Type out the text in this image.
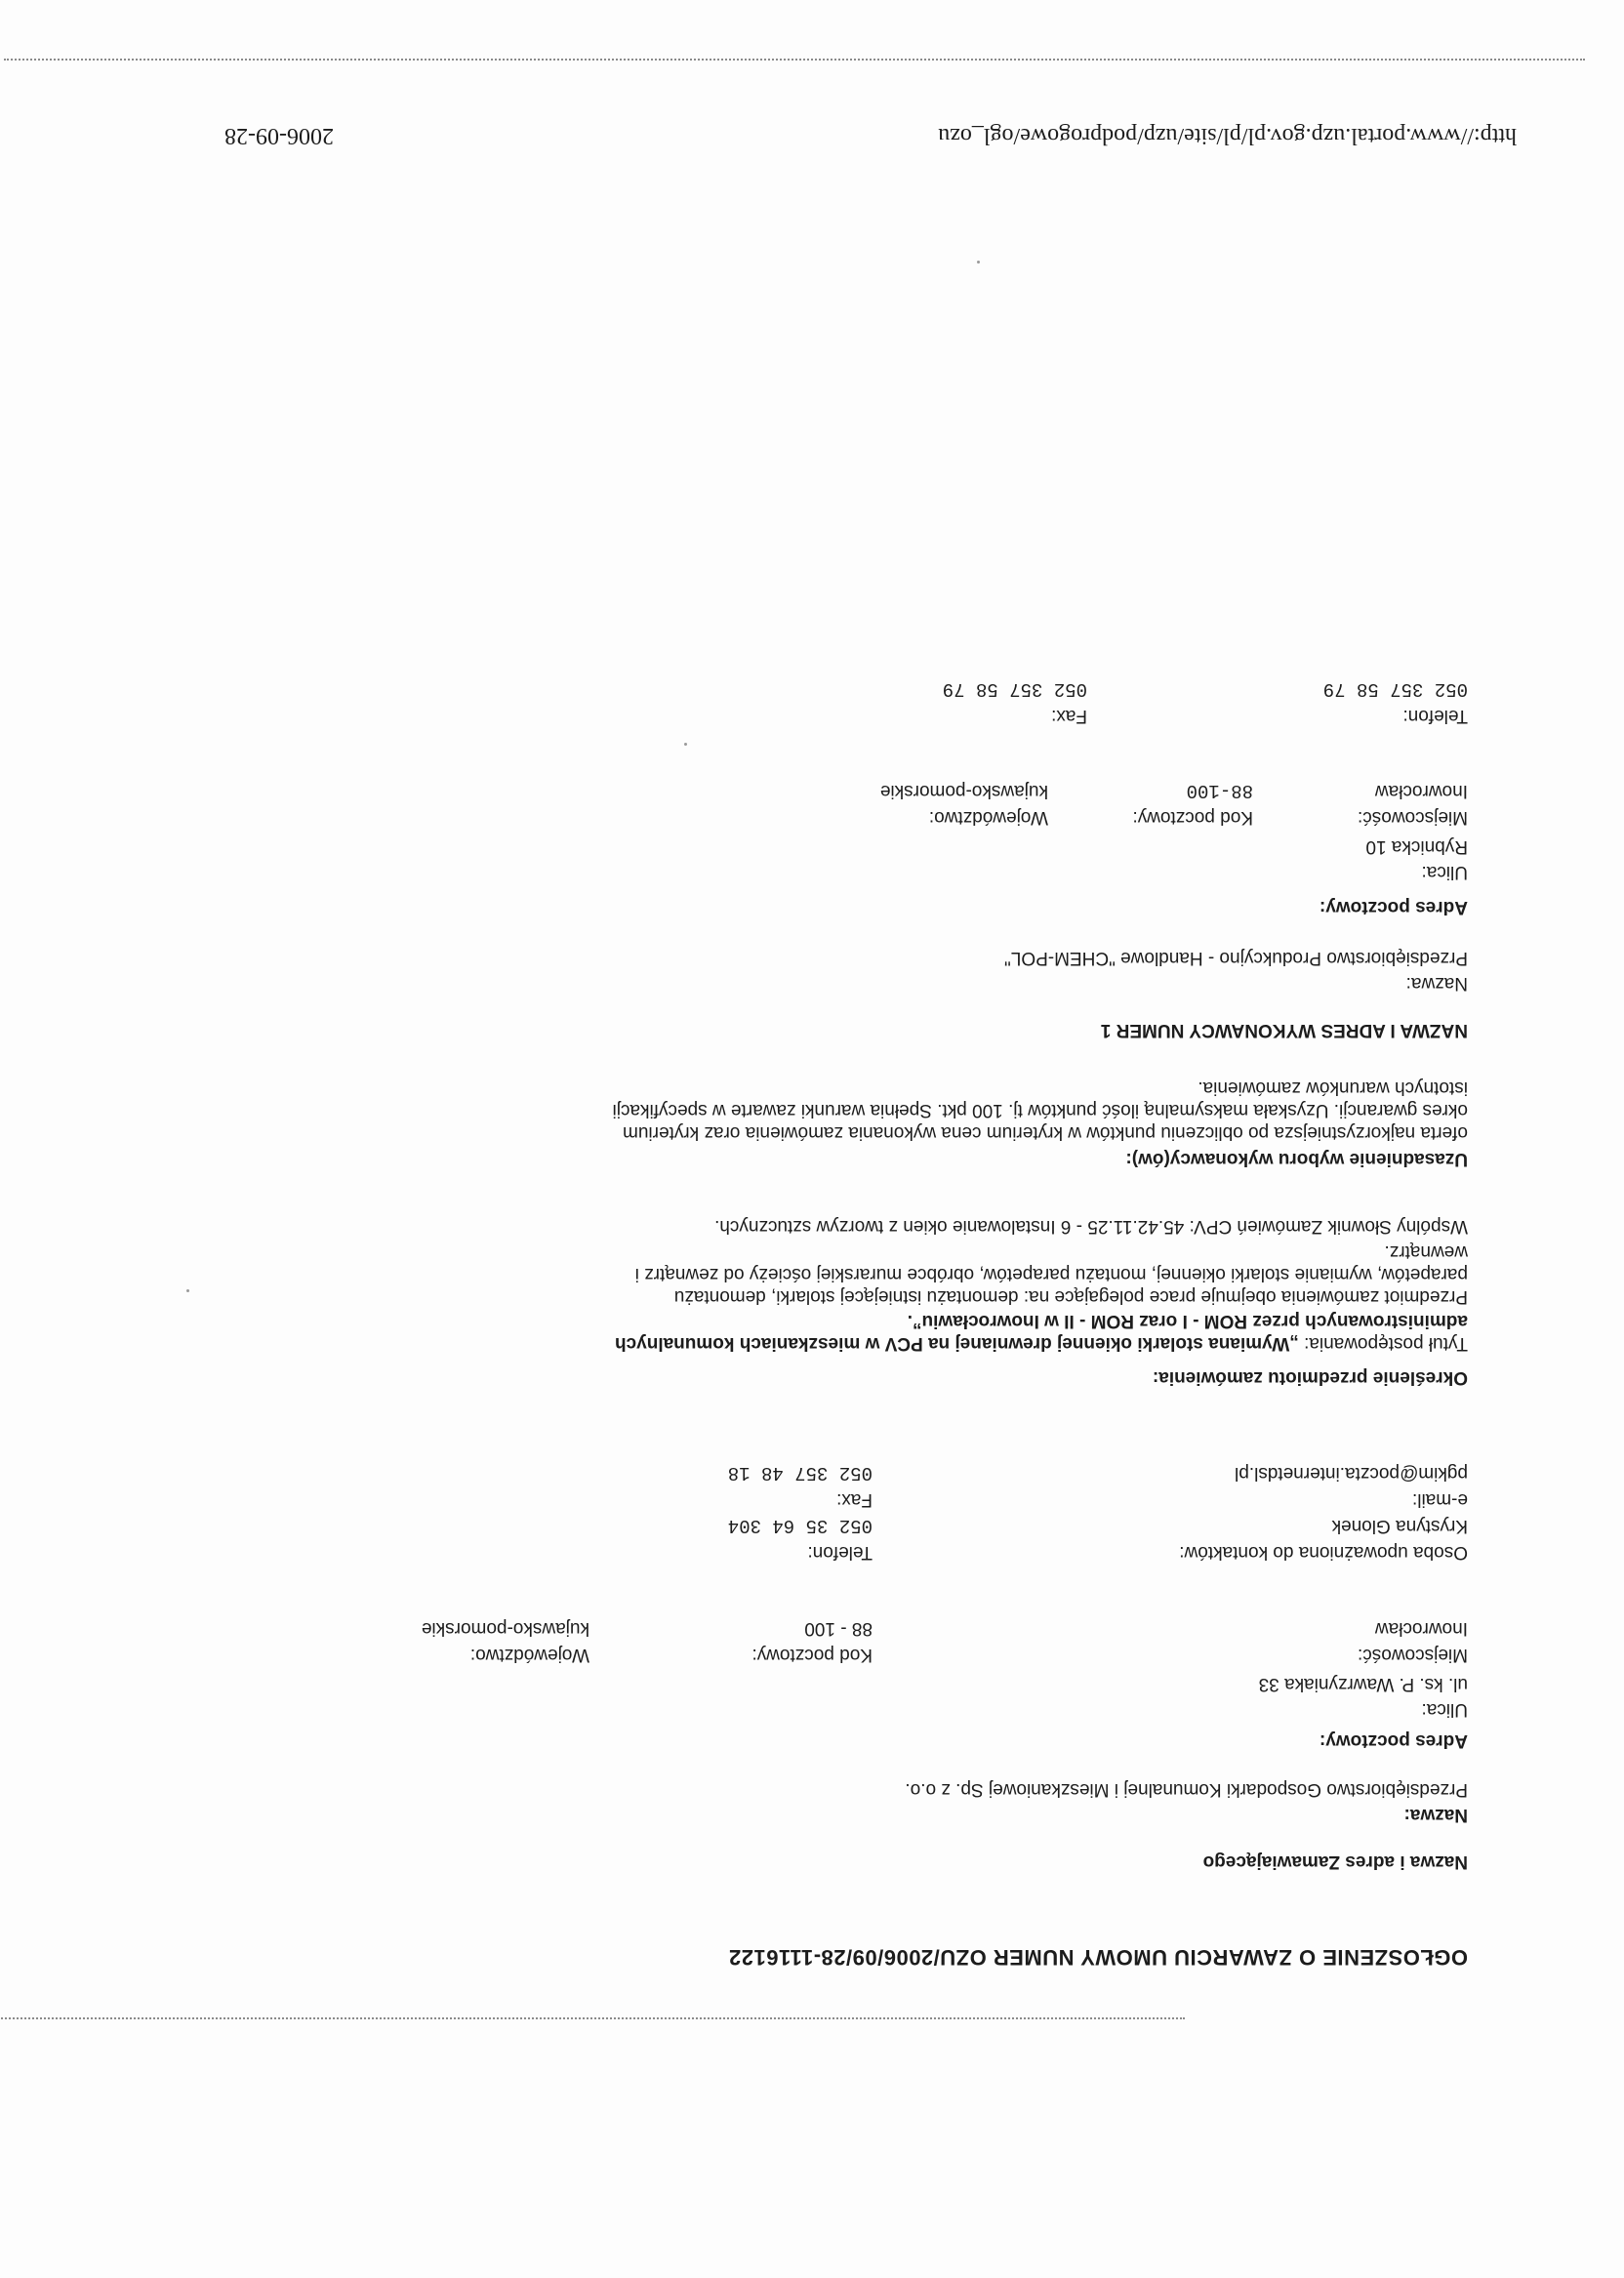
OGŁOSZENIE O ZAWARCIU UMOWY NUMER OZU/2006/09/28-1116122
Nazwa i adres Zamawiającego
Nazwa:
Przedsiębiorstwo Gospodarki Komunalnej i Mieszkaniowej Sp. z o.o.
Adres pocztowy:
Ulica:
ul. ks. P. Wawrzyniaka 33
Miejscowość:
Kod pocztowy:
Województwo:
Inowrocław
88 - 100
kujawsko-pomorskie
Osoba upoważniona do kontaktów:
Telefon:
Krystyna Glonek
052 35 64 304
e-mail:
Fax:
pgkim@poczta.internetdsl.pl
052 357 48 18
Określenie przedmiotu zamówienia:
Tytuł postępowania: „Wymiana stolarki okiennej drewnianej na PCV w mieszkaniach komunalnych
administrowanych przez ROM - I oraz ROM - II w Inowrocławiu”.
Przedmiot zamówienia obejmuje prace polegające na: demontażu istniejącej stolarki, demontażu
parapetów, wymianie stolarki okiennej, montażu parapetów, obróbce murarskiej ościeży od zewnątrz i
wewnątrz.
Wspólny Słownik Zamówień CPV: 45.42.11.25 - 6 Instalowanie okien z tworzyw sztucznych.
Uzasadnienie wyboru wykonawcy(ów):
oferta najkorzystniejsza po obliczeniu punktów w kryterium cena wykonania zamówienia oraz kryterium
okres gwarancji. Uzyskała maksymalną ilość punktów tj. 100 pkt. Spełnia warunki zawarte w specyfikacji
istotnych warunków zamówienia.
NAZWA I ADRES WYKONAWCY NUMER 1
Nazwa:
Przedsiębiorstwo Produkcyjno - Handlowe "CHEM-POL"
Adres pocztowy:
Ulica:
Rybnicka 10
Miejscowość:
Kod pocztowy:
Województwo:
Inowrocław
88-100
kujawsko-pomorskie
Telefon:
Fax:
052 357 58 79
052 357 58 79
http://www.portal.uzp.gov.pl/pl/site/uzp/podprogowe/ogl_ozu
2006-09-28
